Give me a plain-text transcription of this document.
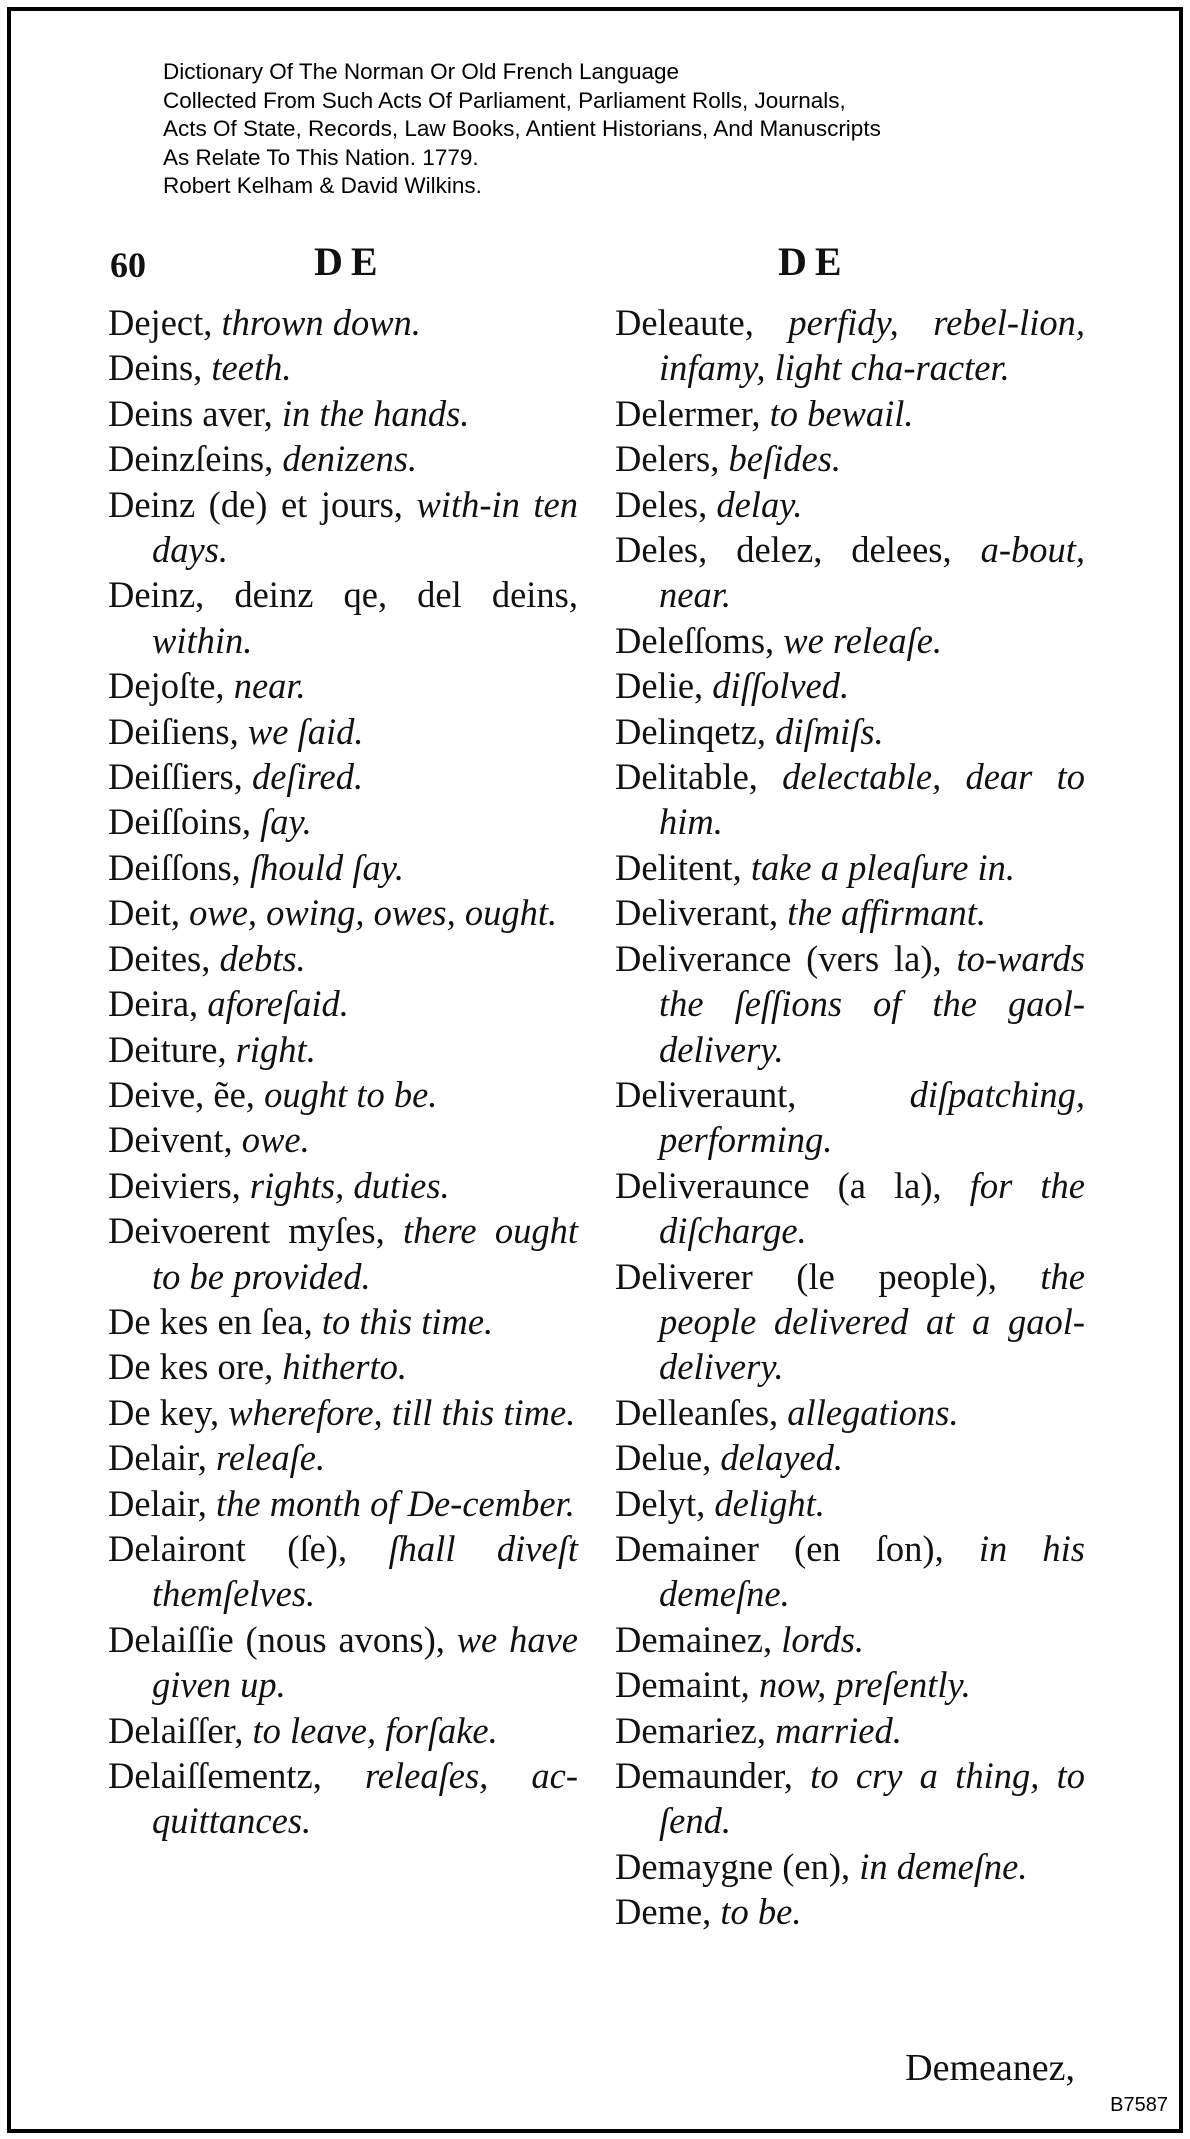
Dictionary Of The Norman Or Old French Language
Collected From Such Acts Of Parliament, Parliament Rolls, Journals,
Acts Of State, Records, Law Books, Antient Historians, And Manuscripts
As Relate To This Nation. 1779.
Robert Kelham & David Wilkins.
60	DE	DE
Deject, thrown down.
Deins, teeth.
Deins aver, in the hands.
Deinzſeins, denizens.
Deinz (de) et jours, with-in ten days.
Deinz, deinz qe, del deins, within.
Dejoſte, near.
Deiſiens, we ſaid.
Deiſſiers, deſired.
Deiſſoins, ſay.
Deiſſons, ſhould ſay.
Deit, owe, owing, owes, ought.
Deites, debts.
Deira, aforeſaid.
Deiture, right.
Deive, ẽe, ought to be.
Deivent, owe.
Deiviers, rights, duties.
Deivoerent myſes, there ought to be provided.
De kes en ſea, to this time.
De kes ore, hitherto.
De key, wherefore, till this time.
Delair, releaſe.
Delair, the month of De-cember.
Delairont (ſe), ſhall diveſt themſelves.
Delaiſſie (nous avons), we have given up.
Delaiſſer, to leave, forſake.
Delaiſſementz, releaſes, ac-quittances.
Deleaute, perfidy, rebel-lion, infamy, light cha-racter.
Delermer, to bewail.
Delers, beſides.
Deles, delay.
Deles, delez, delees, a-bout, near.
Deleſſoms, we releaſe.
Delie, diſſolved.
Delinqetz, diſmiſs.
Delitable, delectable, dear to him.
Delitent, take a pleaſure in.
Deliverant, the affirmant.
Deliverance (vers la), to-wards the ſeſſions of the gaol-delivery.
Deliveraunt, diſpatching, performing.
Deliveraunce (a la), for the diſcharge.
Deliverer (le people), the people delivered at a gaol-delivery.
Delleanſes, allegations.
Delue, delayed.
Delyt, delight.
Demainer (en ſon), in his demeſne.
Demainez, lords.
Demaint, now, preſently.
Demariez, married.
Demaunder, to cry a thing, to ſend.
Demaygne (en), in demeſne.
Deme, to be.
Demeanez,
B7587
